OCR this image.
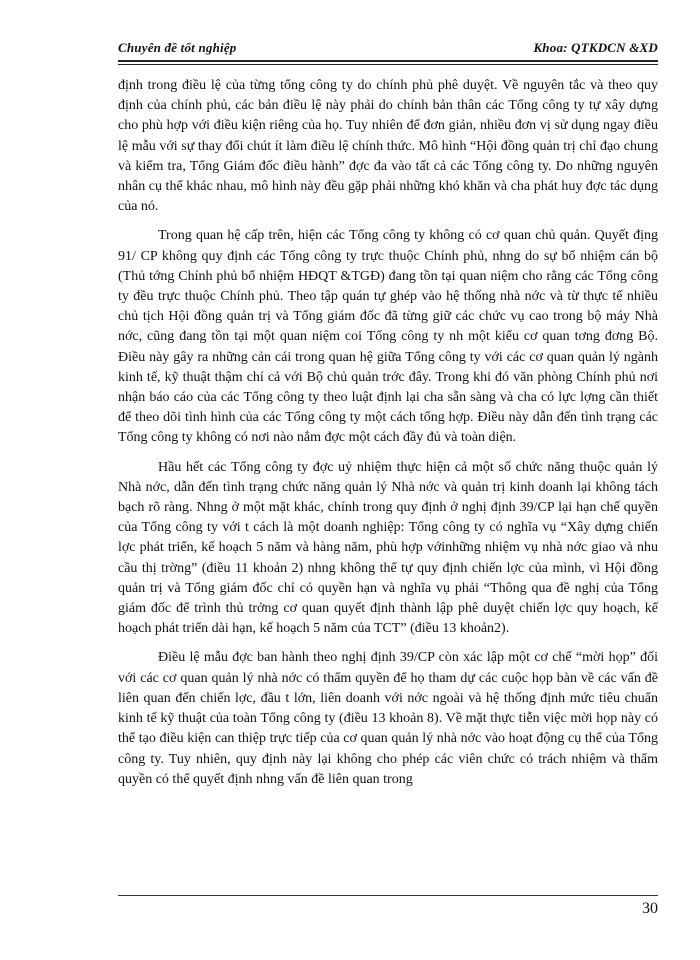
Chuyên đề tốt nghiệp	Khoa: QTKDCN &XD

định trong điều lệ của từng tổng công ty do chính phủ phê duyệt. Về nguyên tắc và theo quy định của chính phủ, các bản điều lệ này phải do chính bản thân các Tổng công ty tự xây dựng cho phù hợp với điều kiện riêng của họ. Tuy nhiên để đơn giản, nhiều đơn vị sử dụng ngay điều lệ mẫu với sự thay đổi chút ít làm điều lệ chính thức. Mô hình “Hội đồng quản trị chỉ đạo chung và kiểm tra, Tổng Giám đốc điều hành” đợc đa vào tất cả các Tổng công ty. Do những nguyên nhân cụ thể khác nhau, mô hình này đều gặp phải những khó khăn và cha phát huy đợc tác dụng của nó.

Trong quan hệ cấp trên, hiện các Tổng công ty không có cơ quan chủ quản. Quyết địng 91/ CP không quy định các Tổng công ty trực thuộc Chính phủ, nhng do sự bổ nhiệm cán bộ (Thủ tớng Chính phủ bổ nhiệm HĐQT &TGĐ) đang tồn tại quan niệm cho rằng các Tổng công ty đều trực thuộc Chính phủ. Theo tập quán tự ghép vào hệ thống nhà nớc và từ thực tế nhiều chủ tịch Hội đồng quản trị và Tổng giám đốc đã từng giữ các chức vụ cao trong bộ máy Nhà nớc, cũng đang tồn tại một quan niệm coi Tổng công ty nh một kiểu cơ quan tơng đơng Bộ. Điều này gây ra những cản cái trong quan hệ giữa Tổng công ty với các cơ quan quản lý ngành kinh tế, kỹ thuật thậm chí cả với Bộ chủ quản trớc đây. Trong khi đó văn phòng Chính phủ nơi nhận báo cáo của các Tổng công ty theo luật định lại cha sẵn sàng và cha có lực lợng cần thiết để theo dõi tình hình của các Tổng công ty một cách tổng hợp. Điều này dẫn đến tình trạng các Tổng công ty không có nơi nào nắm đợc một cách đầy đủ và toàn diện.

Hầu hết các Tổng công ty đợc uỷ nhiệm thực hiện cả một số chức năng thuộc quản lý Nhà nớc, dẫn đến tình trạng chức năng quản lý Nhà nớc và quản trị kinh doanh lại không tách bạch rõ ràng. Nhng ở một mặt khác, chính trong quy định ở nghị định 39/CP lại hạn chế quyền của Tổng công ty với t cách là một doanh nghiệp: Tổng công ty có nghĩa vụ “Xây dựng chiến lợc phát triển, kế hoạch 5 năm và hàng năm, phù hợp vớinhững nhiệm vụ nhà nớc giao và nhu cầu thị trờng” (điều 11 khoản 2) nhng không thể tự quy định chiến lợc của mình, vì Hội đồng quản trị và Tổng giám đốc chỉ có quyền hạn và nghĩa vụ phải “Thông qua đề nghị của Tổng giám đốc để trình thủ trởng cơ quan quyết định thành lập phê duyệt chiến lợc quy hoạch, kế hoạch phát triển dài hạn, kế hoạch 5 năm của TCT” (điều 13 khoản2).

Điều lệ mẫu đợc ban hành theo nghị định 39/CP còn xác lập một cơ chế “mời họp” đối với các cơ quan quản lý nhà nớc có thẩm quyền để họ tham dự các cuộc họp bàn về các vấn đề liên quan đến chiến lợc, đầu t lớn, liên doanh với nớc ngoài và hệ thống định mức tiêu chuẩn kinh tế kỹ thuật của toàn Tổng công ty (điều 13 khoản 8). Về mặt thực tiễn việc mời họp này có thể tạo điều kiện can thiệp trực tiếp của cơ quan quản lý nhà nớc vào hoạt động cụ thể của Tổng công ty. Tuy nhiên, quy định này lại không cho phép các viên chức có trách nhiệm và thẩm quyền có thể quyết định nhng vấn đề liên quan trong

30
